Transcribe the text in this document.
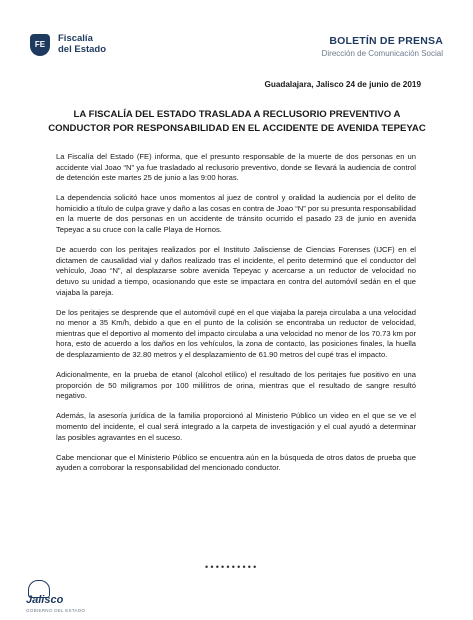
FE
Fiscalía
del Estado
BOLETÍN DE PRENSA
Dirección de Comunicación Social
Guadalajara, Jalisco 24 de junio de 2019
LA FISCALÍA DEL ESTADO TRASLADA A RECLUSORIO PREVENTIVO A CONDUCTOR POR RESPONSABILIDAD EN EL ACCIDENTE DE AVENIDA TEPEYAC

La Fiscalía del Estado (FE) informa, que el presunto responsable de la muerte de dos personas en un accidente vial Joao “N” ya fue trasladado al reclusorio preventivo, donde se llevará la audiencia de control de detención este martes 25 de junio a las 9:00 horas.

La dependencia solicitó hace unos momentos al juez de control y oralidad la audiencia por el delito de homicidio a título de culpa grave y daño a las cosas en contra de Joao “N” por su presunta responsabilidad en la muerte de dos personas en un accidente de tránsito ocurrido el pasado 23 de junio en avenida Tepeyac a su cruce con la calle Playa de Hornos.

De acuerdo con los peritajes realizados por el Instituto Jalisciense de Ciencias Forenses (IJCF) en el dictamen de causalidad vial y daños realizado tras el incidente, el perito determinó que el conductor del vehículo, Joao “N”, al desplazarse sobre avenida Tepeyac y acercarse a un reductor de velocidad no detuvo su unidad a tiempo, ocasionando que este se impactara en contra del automóvil sedán en el que viajaba la pareja.

De los peritajes se desprende que el automóvil cupé en el que viajaba la pareja circulaba a una velocidad no menor a 35 Km/h, debido a que en el punto de la colisión se encontraba un reductor de velocidad, mientras que el deportivo al momento del impacto circulaba a una velocidad no menor de los 70.73 km por hora, esto de acuerdo a los daños en los vehículos, la zona de contacto, las posiciones finales, la huella de desplazamiento de 32.80 metros y el desplazamiento de 61.90 metros del cupé tras el impacto.

Adicionalmente, en la prueba de etanol (alcohol etílico) el resultado de los peritajes fue positivo en una proporción de 50 miligramos por 100 mililitros de orina, mientras que el resultado de sangre resultó negativo.

Además, la asesoría jurídica de la familia proporcionó al Ministerio Público un video en el que se ve el momento del incidente, el cual será integrado a la carpeta de investigación y el cual ayudó a determinar las posibles agravantes en el suceso.

Cabe mencionar que el Ministerio Público se encuentra aún en la búsqueda de otros datos de prueba que ayuden a corroborar la responsabilidad del mencionado conductor.

••••••••••
Jalisco
GOBIERNO DEL ESTADO
